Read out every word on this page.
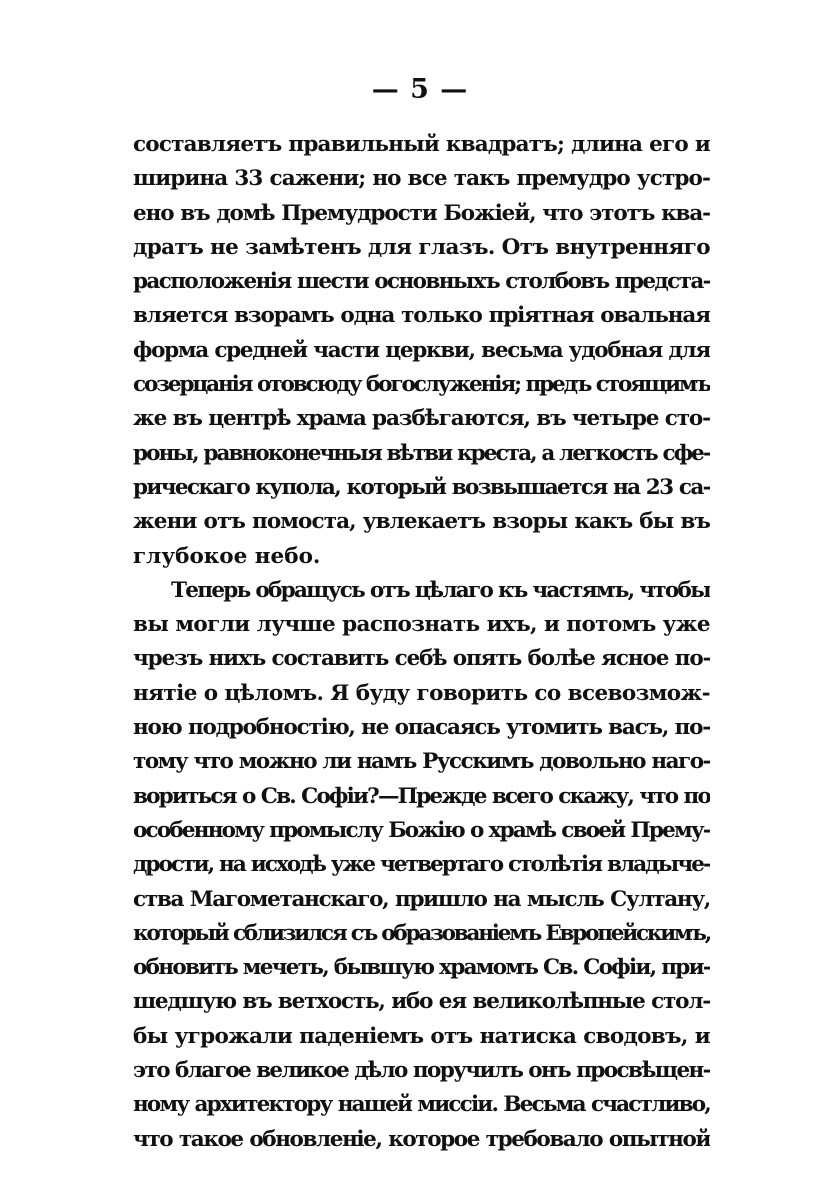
— 5 —
составляетъ правильный квадратъ; длина его и
ширина 33 сажени; но все такъ премудро устро-
ено въ домѣ Премудрости Божiей, что этотъ ква-
дратъ не замѣтенъ для глазъ. Отъ внутренняго
расположенiя шести основныхъ столбовъ предста-
вляется взорамъ одна только прiятная овальная
форма средней части церкви, весьма удобная для
созерцанiя отовсюду богослуженiя; предъ стоящимъ
же въ центрѣ храма разбѣгаются, въ четыре сто-
роны, равноконечныя вѣтви креста, а легкость сфе-
рическаго купола, который возвышается на 23 са-
жени отъ помоста, увлекаетъ взоры какъ бы въ
глубокое небо.
Теперь обращусь отъ цѣлаго къ частямъ, чтобы
вы могли лучше распознать ихъ, и потомъ уже
чрезъ нихъ составить себѣ опять болѣе ясное по-
нятiе о цѣломъ. Я буду говорить со всевозмож-
ною подробностiю, не опасаясь утомить васъ, по-
тому что можно ли намъ Русскимъ довольно наго-
вориться о Св. Софiи?—Прежде всего скажу, что по
особенному промыслу Божiю о храмѣ своей Прему-
дрости, на исходѣ уже четвертаго столѣтiя владыче-
ства Магометанскаго, пришло на мысль Султану,
который сблизился съ образованiемъ Европейскимъ,
обновить мечеть, бывшую храмомъ Св. Софiи, при-
шедшую въ ветхость, ибо ея великолѣпные стол-
бы угрожали паденiемъ отъ натиска сводовъ, и
это благое великое дѣло поручилъ онъ просвѣщен-
ному архитектору нашей миссiи. Весьма счастливо,
что такое обновленiе, которое требовало опытной
